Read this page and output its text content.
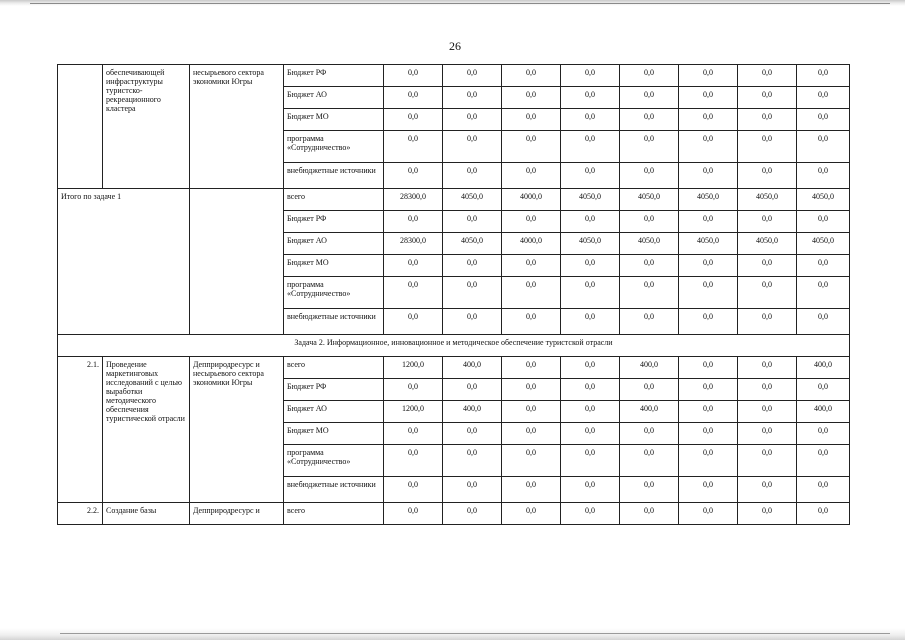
26
	обеспечивающей инфраструктуры туристско-рекреационного кластера	несырьевого сектора экономики Югры	Бюджет РФ	0,0	0,0	0,0	0,0	0,0	0,0	0,0	0,0
			Бюджет АО	0,0	0,0	0,0	0,0	0,0	0,0	0,0	0,0
			Бюджет МО	0,0	0,0	0,0	0,0	0,0	0,0	0,0	0,0
			программа «Сотрудничество»	0,0	0,0	0,0	0,0	0,0	0,0	0,0	0,0
			внебюджетные источники	0,0	0,0	0,0	0,0	0,0	0,0	0,0	0,0
Итого по задаче 1			всего	28300,0	4050,0	4000,0	4050,0	4050,0	4050,0	4050,0	4050,0
			Бюджет РФ	0,0	0,0	0,0	0,0	0,0	0,0	0,0	0,0
			Бюджет АО	28300,0	4050,0	4000,0	4050,0	4050,0	4050,0	4050,0	4050,0
			Бюджет МО	0,0	0,0	0,0	0,0	0,0	0,0	0,0	0,0
			программа «Сотрудничество»	0,0	0,0	0,0	0,0	0,0	0,0	0,0	0,0
			внебюджетные источники	0,0	0,0	0,0	0,0	0,0	0,0	0,0	0,0
Задача 2. Информационное, инновационное и методическое обеспечение туристской отрасли											
2.1.	Проведение маркетинговых исследований с целью выработки методического обеспечения туристической отрасли	Депприродресурс и несырьевого сектора экономики Югры	всего	1200,0	400,0	0,0	0,0	400,0	0,0	0,0	400,0
			Бюджет РФ	0,0	0,0	0,0	0,0	0,0	0,0	0,0	0,0
			Бюджет АО	1200,0	400,0	0,0	0,0	400,0	0,0	0,0	400,0
			Бюджет МО	0,0	0,0	0,0	0,0	0,0	0,0	0,0	0,0
			программа «Сотрудничество»	0,0	0,0	0,0	0,0	0,0	0,0	0,0	0,0
			внебюджетные источники	0,0	0,0	0,0	0,0	0,0	0,0	0,0	0,0
2.2.	Создание базы	Депприродресурс и	всего	0,0	0,0	0,0	0,0	0,0	0,0	0,0	0,0
